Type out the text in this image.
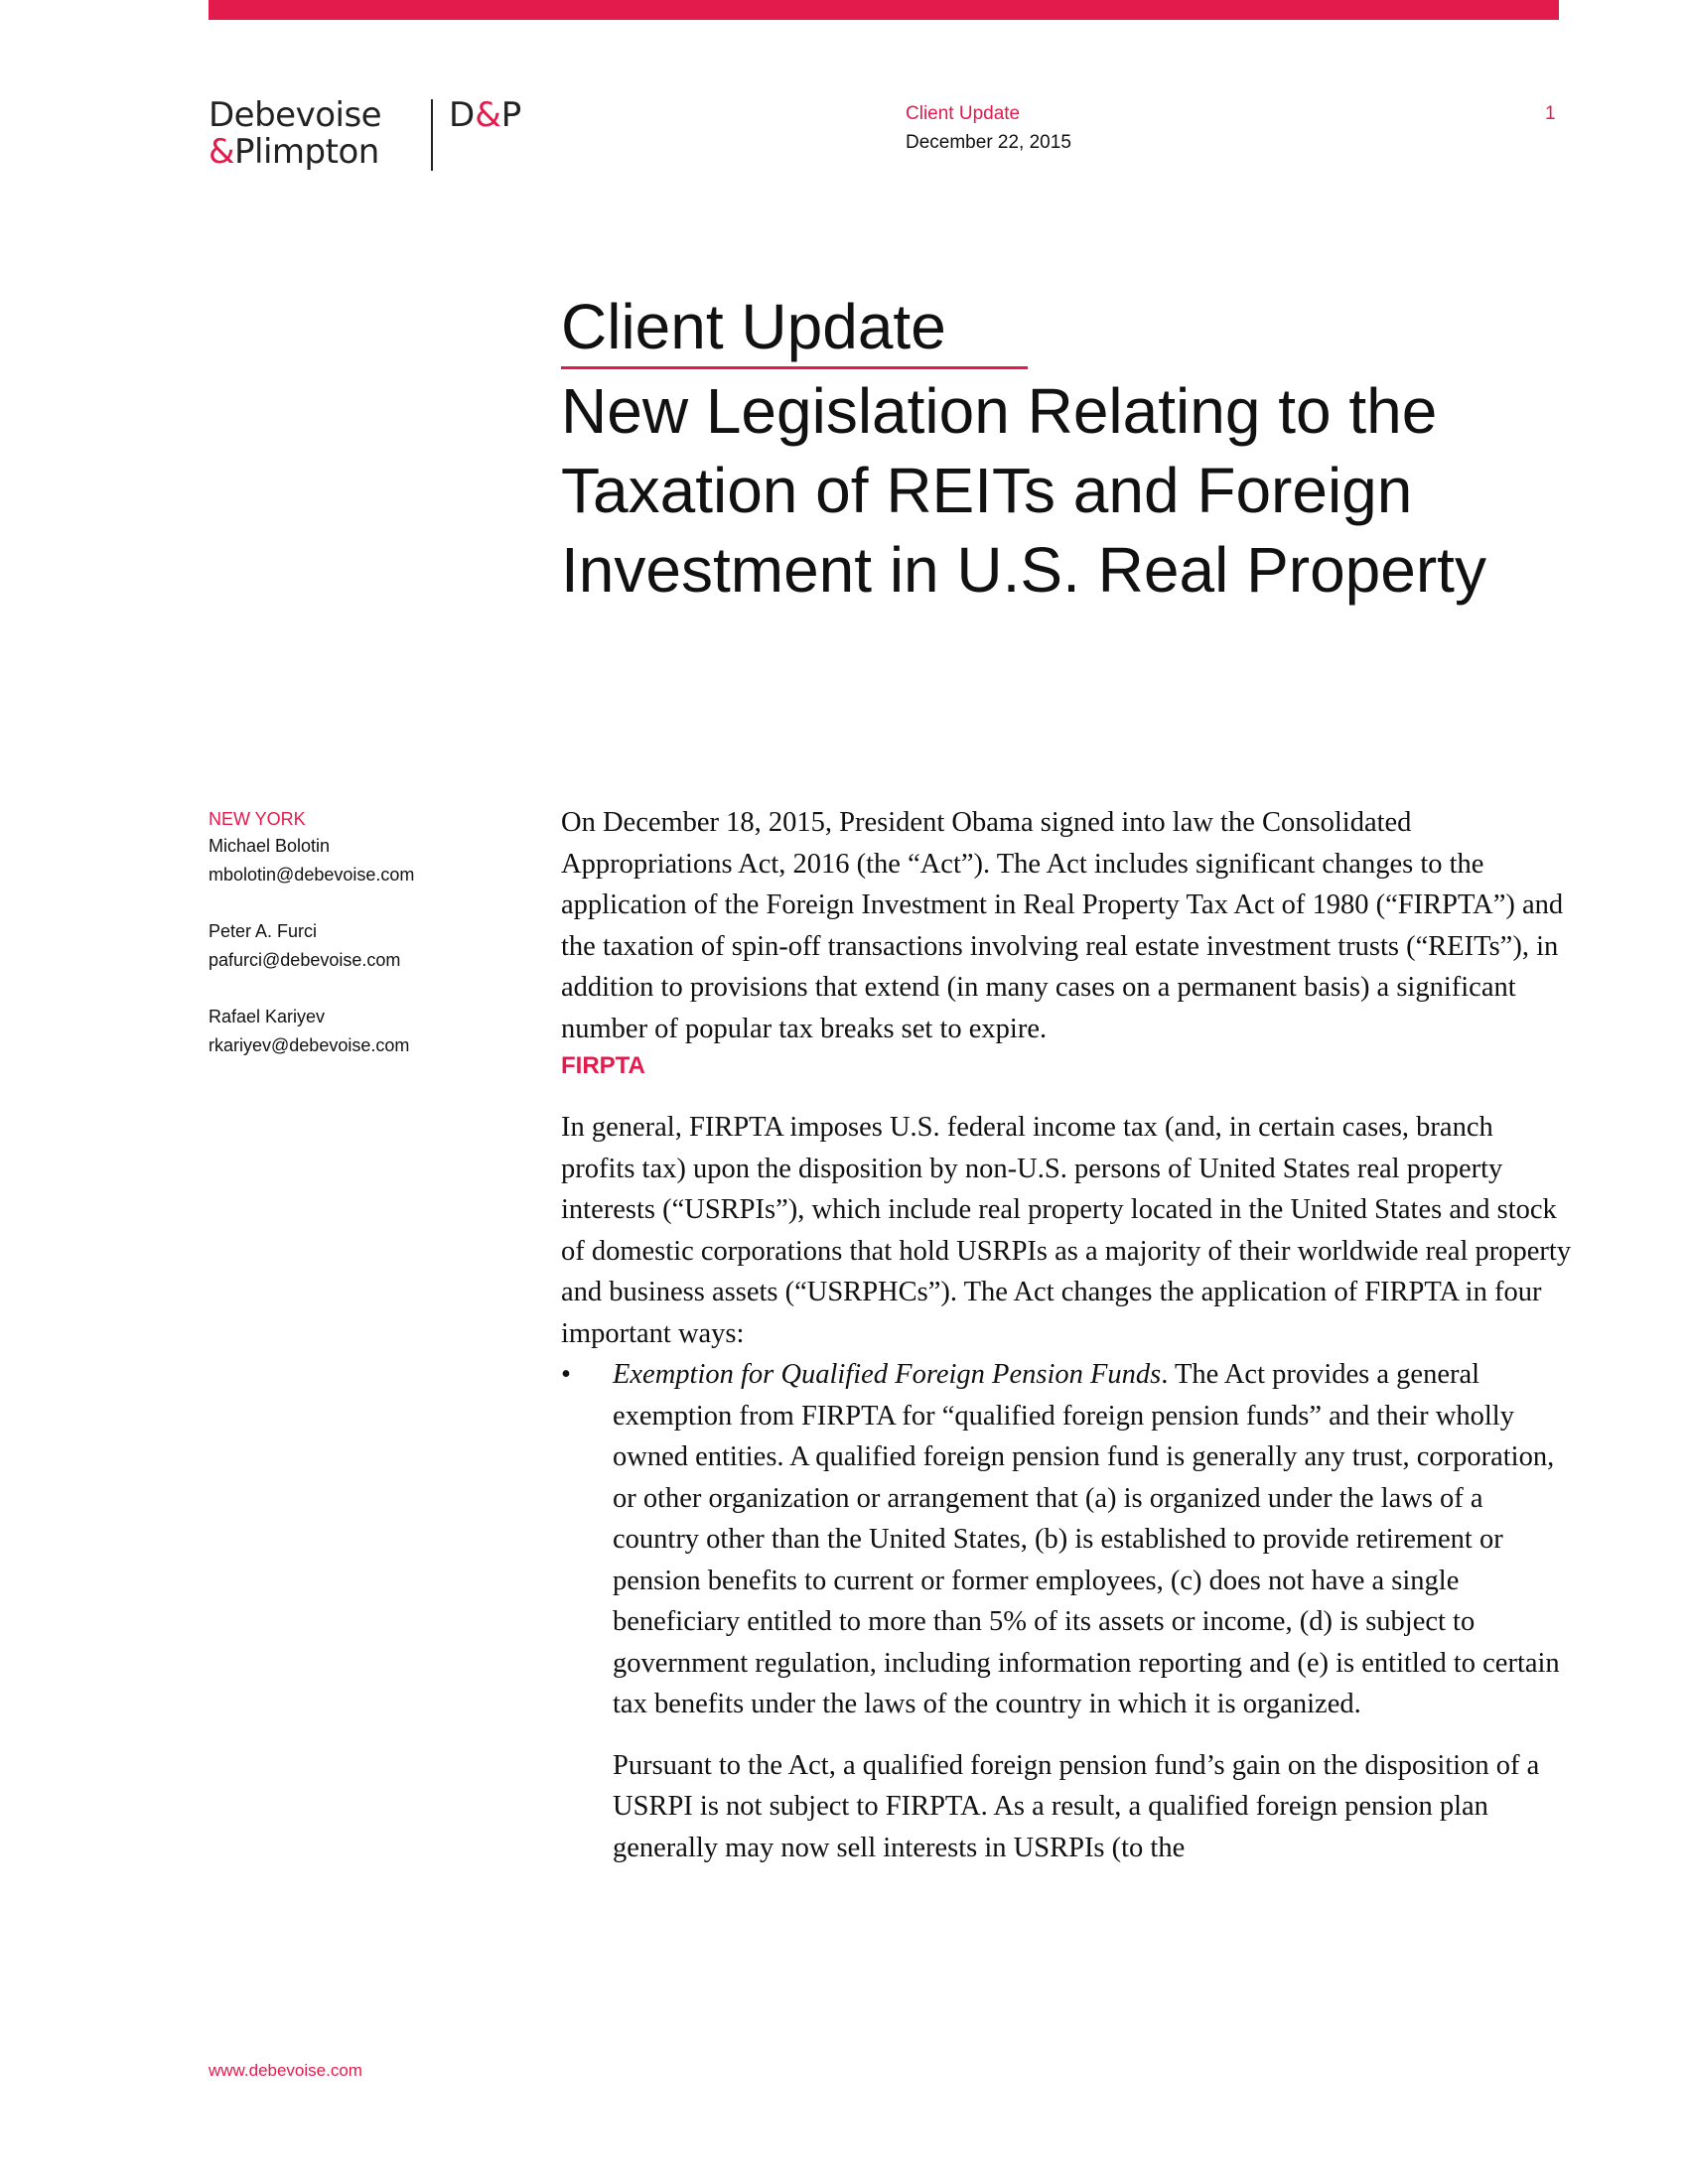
Debevoise
&Plimpton
D&P	Client Update
December 22, 2015
1
Client Update
New Legislation Relating to the Taxation of REITs and Foreign Investment in U.S. Real Property
NEW YORK
Michael Bolotin
mbolotin@debevoise.com
Peter A. Furci
pafurci@debevoise.com
Rafael Kariyev
rkariyev@debevoise.com

On December 18, 2015, President Obama signed into law the Consolidated Appropriations Act, 2016 (the “Act”). The Act includes significant changes to the application of the Foreign Investment in Real Property Tax Act of 1980 (“FIRPTA”) and the taxation of spin-off transactions involving real estate investment trusts (“REITs”), in addition to provisions that extend (in many cases on a permanent basis) a significant number of popular tax breaks set to expire.

FIRPTA

In general, FIRPTA imposes U.S. federal income tax (and, in certain cases, branch profits tax) upon the disposition by non-U.S. persons of United States real property interests (“USRPIs”), which include real property located in the United States and stock of domestic corporations that hold USRPIs as a majority of their worldwide real property and business assets (“USRPHCs”). The Act changes the application of FIRPTA in four important ways:

•	Exemption for Qualified Foreign Pension Funds. The Act provides a general exemption from FIRPTA for “qualified foreign pension funds” and their wholly owned entities. A qualified foreign pension fund is generally any trust, corporation, or other organization or arrangement that (a) is organized under the laws of a country other than the United States, (b) is established to provide retirement or pension benefits to current or former employees, (c) does not have a single beneficiary entitled to more than 5% of its assets or income, (d) is subject to government regulation, including information reporting and (e) is entitled to certain tax benefits under the laws of the country in which it is organized.

Pursuant to the Act, a qualified foreign pension fund’s gain on the disposition of a USRPI is not subject to FIRPTA. As a result, a qualified foreign pension plan generally may now sell interests in USRPIs (to the

www.debevoise.com
